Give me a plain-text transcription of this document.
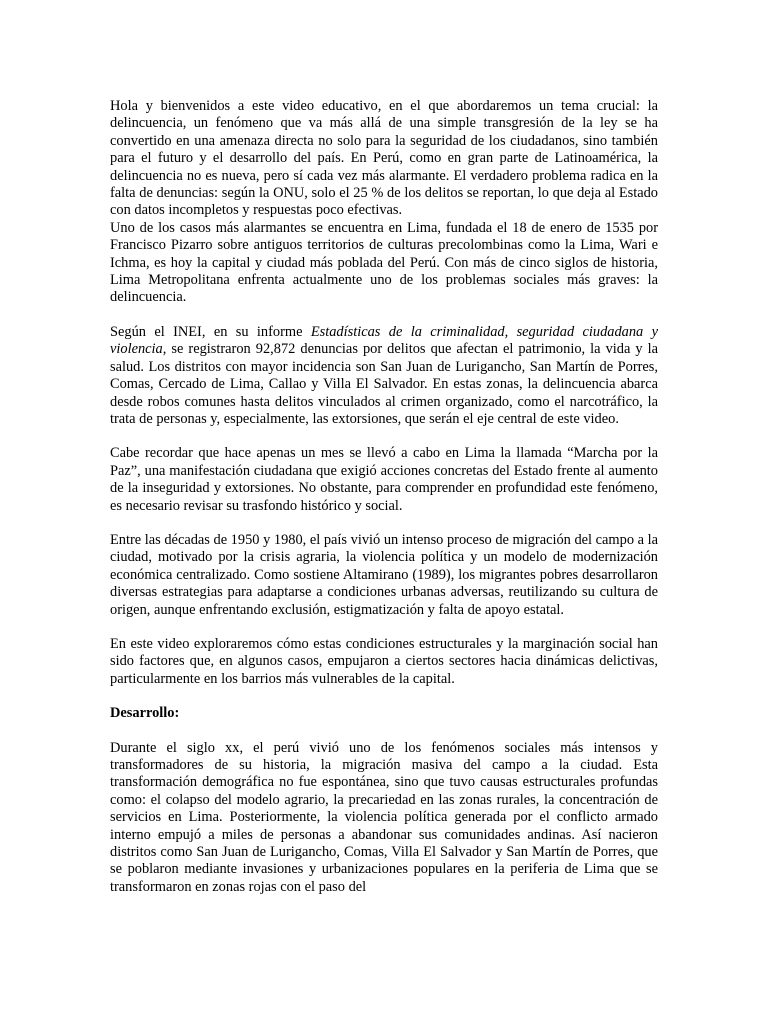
Hola y bienvenidos a este video educativo, en el que abordaremos un tema crucial: la delincuencia, un fenómeno que va más allá de una simple transgresión de la ley se ha convertido en una amenaza directa no solo para la seguridad de los ciudadanos, sino también para el futuro y el desarrollo del país. En Perú, como en gran parte de Latinoamérica, la delincuencia no es nueva, pero sí cada vez más alarmante. El verdadero problema radica en la falta de denuncias: según la ONU, solo el 25 % de los delitos se reportan, lo que deja al Estado con datos incompletos y respuestas poco efectivas.

Uno de los casos más alarmantes se encuentra en Lima, fundada el 18 de enero de 1535 por Francisco Pizarro sobre antiguos territorios de culturas precolombinas como la Lima, Wari e Ichma, es hoy la capital y ciudad más poblada del Perú. Con más de cinco siglos de historia, Lima Metropolitana enfrenta actualmente uno de los problemas sociales más graves: la delincuencia.

Según el INEI, en su informe Estadísticas de la criminalidad, seguridad ciudadana y violencia, se registraron 92,872 denuncias por delitos que afectan el patrimonio, la vida y la salud. Los distritos con mayor incidencia son San Juan de Lurigancho, San Martín de Porres, Comas, Cercado de Lima, Callao y Villa El Salvador. En estas zonas, la delincuencia abarca desde robos comunes hasta delitos vinculados al crimen organizado, como el narcotráfico, la trata de personas y, especialmente, las extorsiones, que serán el eje central de este video.

Cabe recordar que hace apenas un mes se llevó a cabo en Lima la llamada “Marcha por la Paz”, una manifestación ciudadana que exigió acciones concretas del Estado frente al aumento de la inseguridad y extorsiones. No obstante, para comprender en profundidad este fenómeno, es necesario revisar su trasfondo histórico y social.

Entre las décadas de 1950 y 1980, el país vivió un intenso proceso de migración del campo a la ciudad, motivado por la crisis agraria, la violencia política y un modelo de modernización económica centralizado. Como sostiene Altamirano (1989), los migrantes pobres desarrollaron diversas estrategias para adaptarse a condiciones urbanas adversas, reutilizando su cultura de origen, aunque enfrentando exclusión, estigmatización y falta de apoyo estatal.

En este video exploraremos cómo estas condiciones estructurales y la marginación social han sido factores que, en algunos casos, empujaron a ciertos sectores hacia dinámicas delictivas, particularmente en los barrios más vulnerables de la capital.

Desarrollo:

Durante el siglo xx, el perú vivió uno de los fenómenos sociales más intensos y transformadores de su historia, la migración masiva del campo a la ciudad. Esta transformación demográfica no fue espontánea, sino que tuvo causas estructurales profundas como: el colapso del modelo agrario, la precariedad en las zonas rurales, la concentración de servicios en Lima. Posteriormente, la violencia política generada por el conflicto armado interno empujó a miles de personas a abandonar sus comunidades andinas. Así nacieron distritos como San Juan de Lurigancho, Comas, Villa El Salvador y San Martín de Porres, que se poblaron mediante invasiones y urbanizaciones populares en la periferia de Lima que se transformaron en zonas rojas con el paso del
